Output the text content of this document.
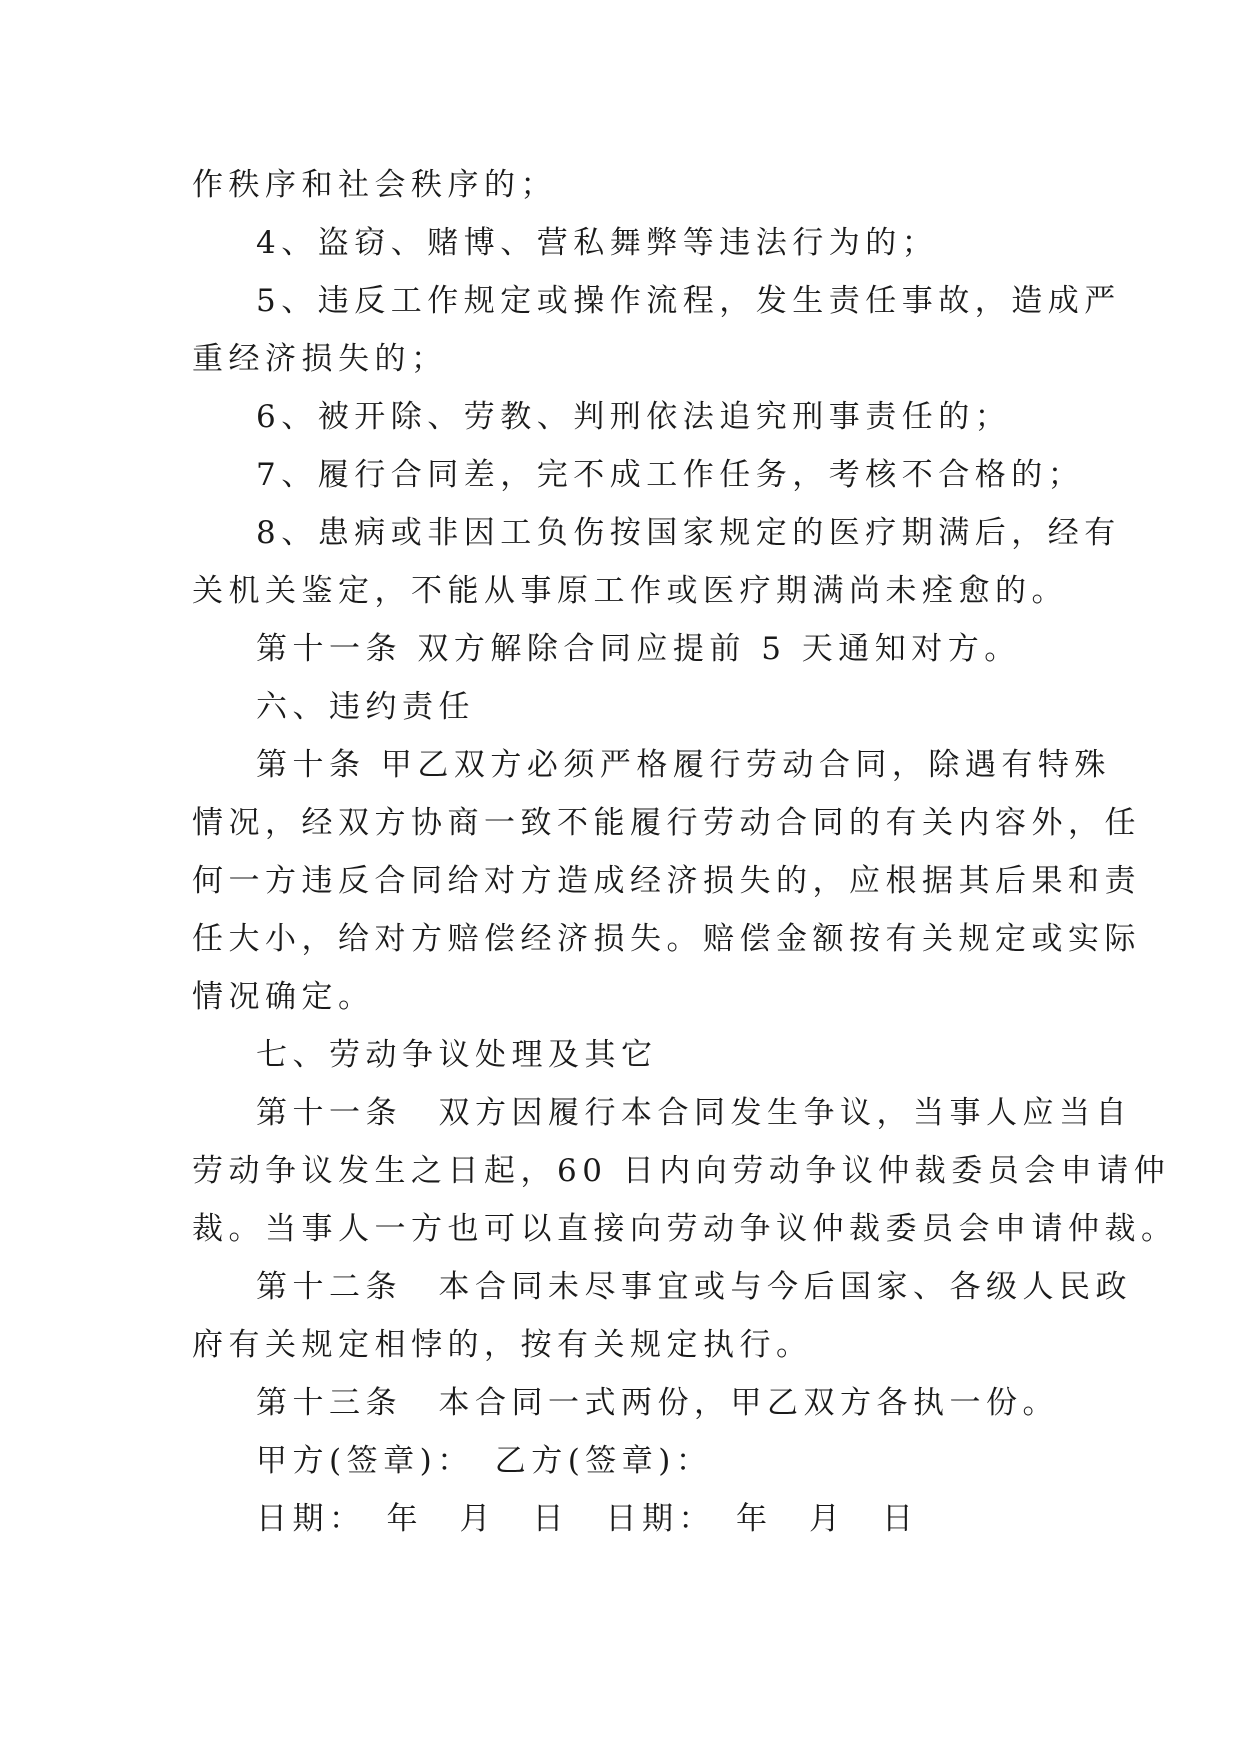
作秩序和社会秩序的；
4、盗窃、赌博、营私舞弊等违法行为的；
5、违反工作规定或操作流程，发生责任事故，造成严
重经济损失的；
6、被开除、劳教、判刑依法追究刑事责任的；
7、履行合同差，完不成工作任务，考核不合格的；
8、患病或非因工负伤按国家规定的医疗期满后，经有
关机关鉴定，不能从事原工作或医疗期满尚未痊愈的。
第十一条 双方解除合同应提前 5 天通知对方。
六、违约责任
第十条 甲乙双方必须严格履行劳动合同，除遇有特殊
情况，经双方协商一致不能履行劳动合同的有关内容外，任
何一方违反合同给对方造成经济损失的，应根据其后果和责
任大小，给对方赔偿经济损失。赔偿金额按有关规定或实际
情况确定。
七、劳动争议处理及其它
第十一条　双方因履行本合同发生争议，当事人应当自
劳动争议发生之日起，60 日内向劳动争议仲裁委员会申请仲
裁。当事人一方也可以直接向劳动争议仲裁委员会申请仲裁。
第十二条　本合同未尽事宜或与今后国家、各级人民政
府有关规定相悖的，按有关规定执行。
第十三条　本合同一式两份，甲乙双方各执一份。
甲方(签章)：　乙方(签章)：
日期：　年　月　日　日期：　年　月　日
